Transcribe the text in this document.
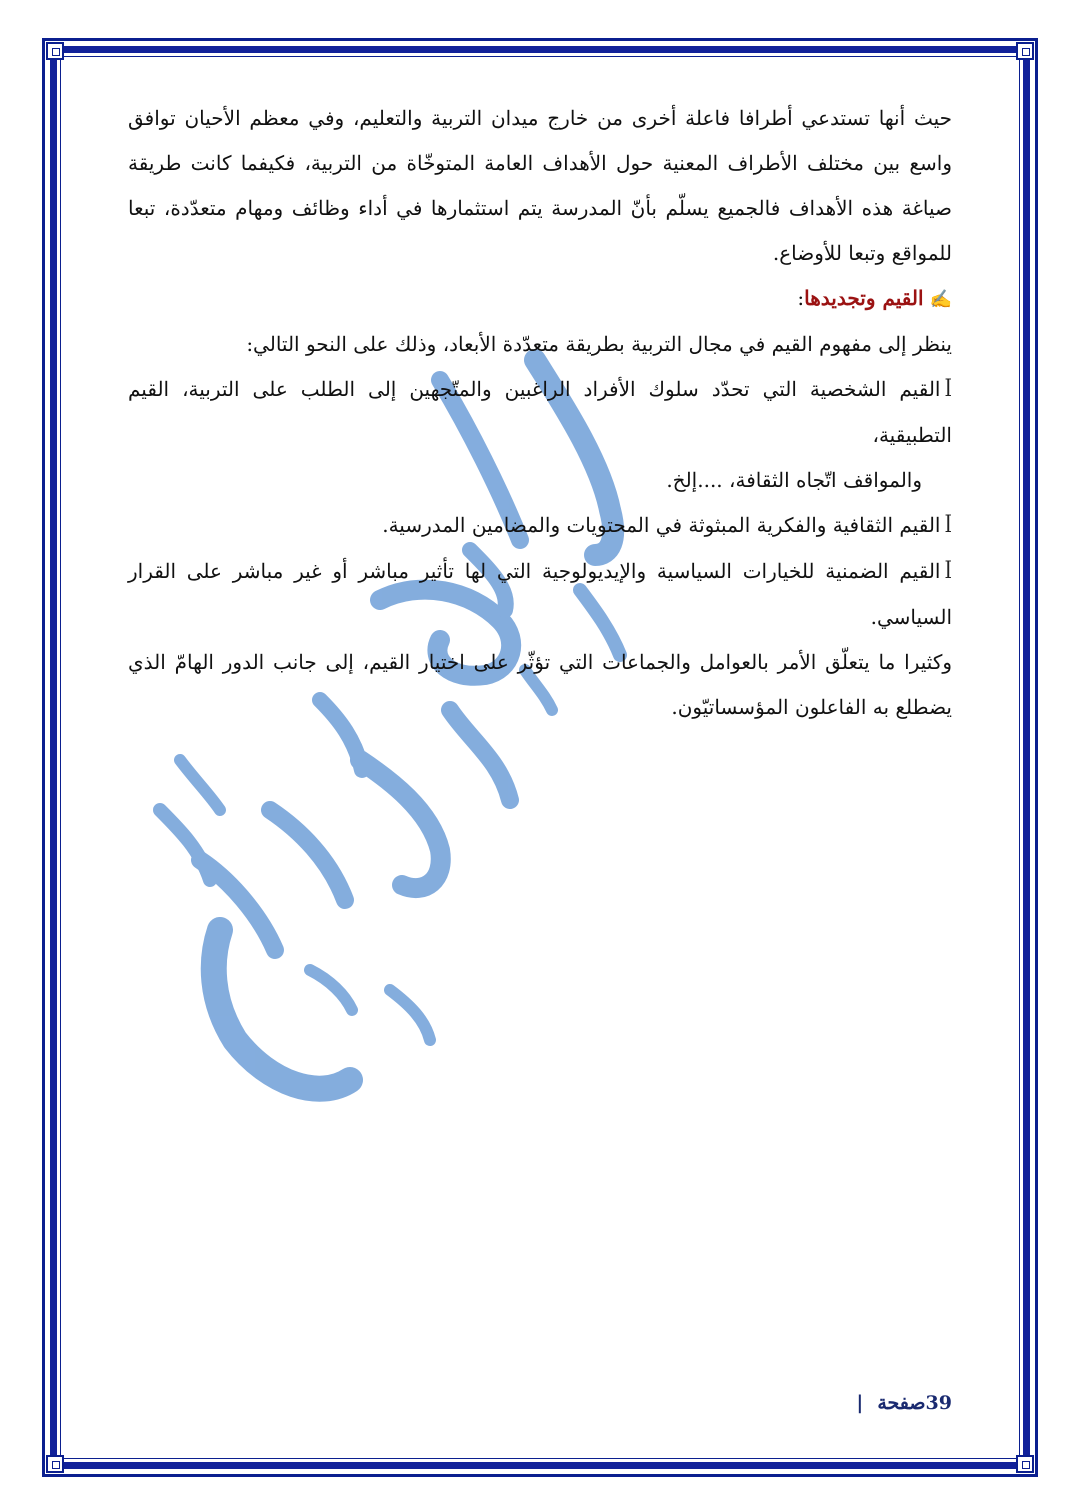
حيث أنها تستدعي أطرافا فاعلة أخرى من خارج ميدان التربية والتعليم، وفي معظم الأحيان توافق واسع بين مختلف الأطراف المعنية حول الأهداف العامة المتوخّاة من التربية، فكيفما كانت طريقة صياغة هذه الأهداف فالجميع يسلّم بأنّ المدرسة يتم استثمارها في أداء وظائف ومهام متعدّدة، تبعا للمواقع وتبعا للأوضاع.

✍القيم وتجديدها:

ينظر إلى مفهوم القيم في مجال التربية بطريقة متعدّدة الأبعاد، وذلك على النحو التالي:

ꟾالقيم الشخصية التي تحدّد سلوك الأفراد الراغبين والمتّجهين إلى الطلب على التربية، القيم التطبيقية،
والمواقف اتّجاه الثقافة، ....إلخ.

ꟾالقيم الثقافية والفكرية المبثوثة في المحتويات والمضامين المدرسية.

ꟾالقيم الضمنية للخيارات السياسية والإيديولوجية التي لها تأثير مباشر أو غير مباشر على القرار السياسي.

وكثيرا ما يتعلّق الأمر بالعوامل والجماعات التي تؤثّر على اختيار القيم، إلى جانب الدور الهامّ الذي يضطلع به الفاعلون المؤسساتيّون.

39صفحة|
